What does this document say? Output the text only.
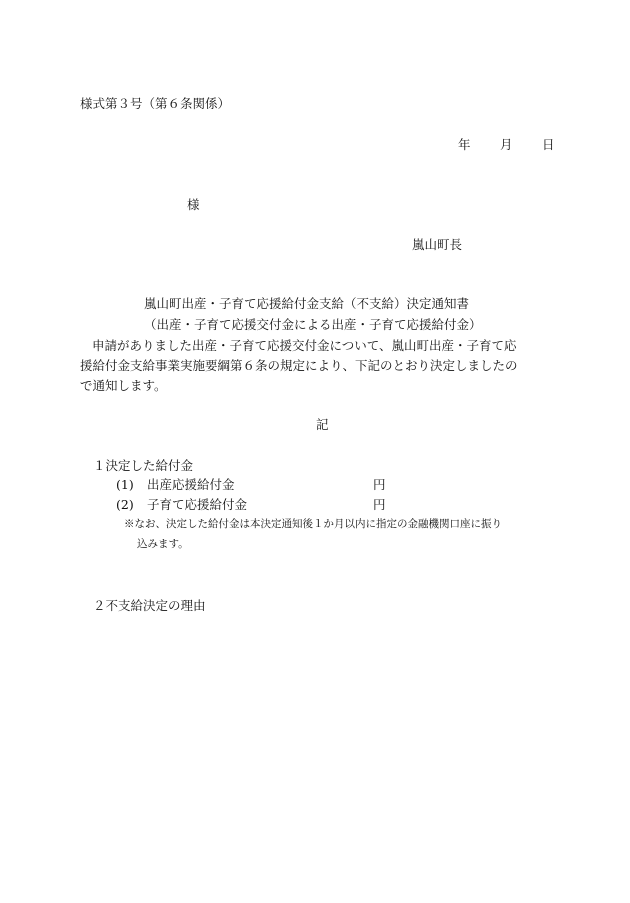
様式第３号（第６条関係）
年 月 日
様
嵐山町長
嵐山町出産・子育て応援給付金支給（不支給）決定通知書
（出産・子育て応援交付金による出産・子育て応援給付金）
申請がありました出産・子育て応援交付金について、嵐山町出産・子育て応
援給付金支給事業実施要綱第６条の規定により、下記のとおり決定しましたの
で通知します。
記
１決定した給付金
(1) 出産応援給付金	円
(2) 子育て応援給付金	円
※なお、決定した給付金は本決定通知後１か月以内に指定の金融機関口座に振り
込みます。
２不支給決定の理由
